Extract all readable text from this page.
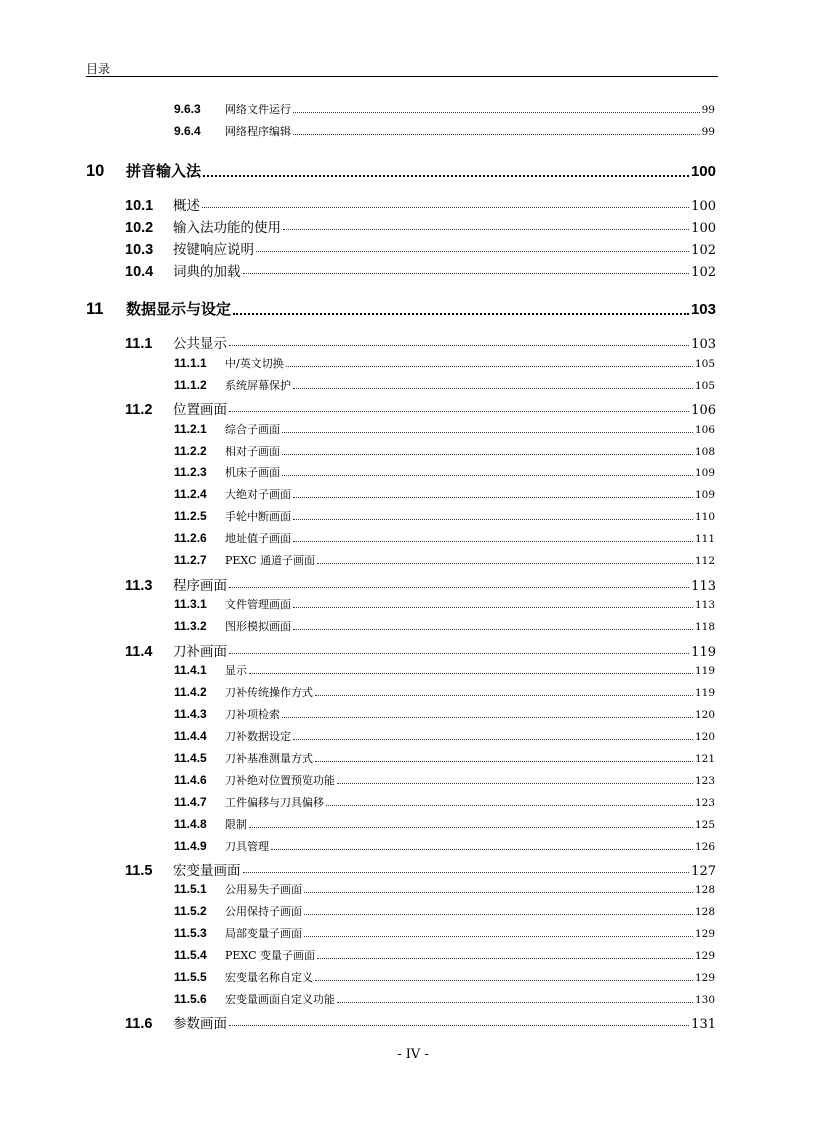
目录
9.6.3	网络文件运行	99
9.6.4	网络程序编辑	99
10	拼音输入法	100
10.1	概述	100
10.2	输入法功能的使用	100
10.3	按键响应说明	102
10.4	词典的加载	102
11	数据显示与设定	103
11.1	公共显示	103
11.1.1	中/英文切换	105
11.1.2	系统屏幕保护	105
11.2	位置画面	106
11.2.1	综合子画面	106
11.2.2	相对子画面	108
11.2.3	机床子画面	109
11.2.4	大绝对子画面	109
11.2.5	手轮中断画面	110
11.2.6	地址值子画面	111
11.2.7	PEXC 通道子画面	112
11.3	程序画面	113
11.3.1	文件管理画面	113
11.3.2	图形模拟画面	118
11.4	刀补画面	119
11.4.1	显示	119
11.4.2	刀补传统操作方式	119
11.4.3	刀补项检索	120
11.4.4	刀补数据设定	120
11.4.5	刀补基准测量方式	121
11.4.6	刀补绝对位置预览功能	123
11.4.7	工件偏移与刀具偏移	123
11.4.8	限制	125
11.4.9	刀具管理	126
11.5	宏变量画面	127
11.5.1	公用易失子画面	128
11.5.2	公用保持子画面	128
11.5.3	局部变量子画面	129
11.5.4	PEXC 变量子画面	129
11.5.5	宏变量名称自定义	129
11.5.6	宏变量画面自定义功能	130
11.6	参数画面	131
- IV -
